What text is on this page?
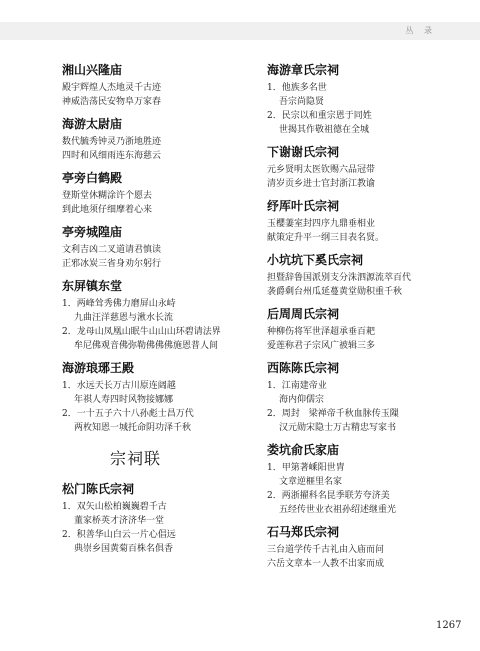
丛 录
湘山兴隆庙
殿宇辉煌人杰地灵千古迹
神威浩荡民安物阜万家春
海游太尉庙
数代毓秀钟灵乃浙地胜迹
四时和风细雨连东海慈云
亭旁白鹤殿
登斯堂休糊涂许个愿去
到此地须仔细摩着心来
亭旁城隍庙
文利吉凶二叉道请君慎读
正邪冰炭三省身劝尔躬行
东屏镇东堂
1．两峰耸秀佛力磨屏山永峙
九曲汪洋慈恩与湫水长流
2．龙母山凤凰山眠牛山山山环碧请法界
牟尼佛观音佛弥勒佛佛佛施恩普人间
海游琅琊王殿
1．水远天长万古川原连阔越
年祺人寿四时风物接娜娜
2．一十五子六十八孙彪士昌万代
两枚知恩一城托命阴功泽千秋
宗祠联
松门陈氏宗祠
1．双矢山松柏巍巍碧千古
董家桥英才济济华一堂
2．积善华山白云一片心倡远
典崇乡国黄菊百株名俱香
海游章氏宗祠
1．他族多名世
吾宗尚隐贤
2．民宗以和重宗恩于同姓
世揭其作敬祖德在全城
下谢谢氏宗祠
元乡贤明太医钦赐六品冠带
清岁贡乡进士官封浙江教谕
纾厍叶氏宗祠
玉櫻萋室封四序九鼎垂相业
献策定升平一纲三目表名贤。
小坑坑下奚氏宗祠
担暨辞鲁国派别支分洙泗源流萃百代
袭爵剩台州瓜延蔓黄堂勋积重千秋
后周周氏宗祠
种柳伤将军世泽超承垂百耙
爱莲称君子宗风广被辑三多
西陈陈氏宗祠
1．江南建帝业
海内仰儒宗
2．周封　梁禅帝千秋血脉传玉隟
汉元勋宋隐士万古精忠写家书
娄坑俞氏家庙
1．甲第著嵊阳世胄
文章逆榧里名家
2．两浙擢科名昆季联芳夸济美
五经传世业衣祖孙绍述继重光
石马郑氏宗祠
三台道学传千古礼由入庙而问
六岳文章本一人教不出家而成
1267
